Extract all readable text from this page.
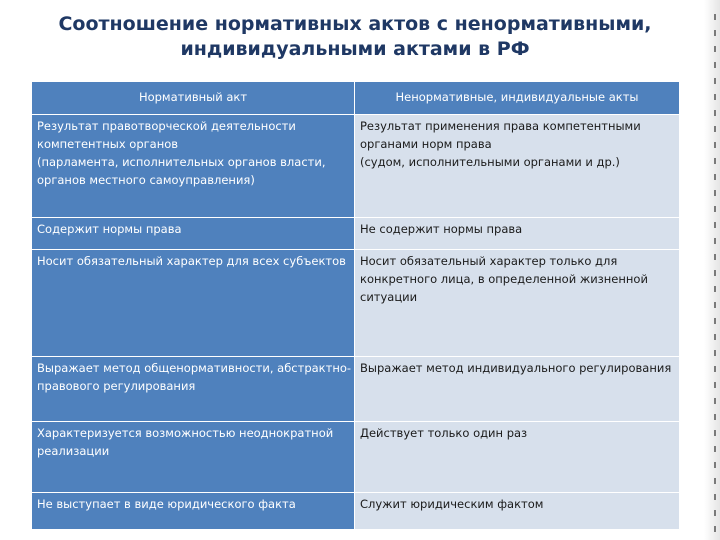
Соотношение нормативных актов с ненормативными,
индивидуальными актами в РФ
Нормативный акт	Ненормативные, индивидуальные акты

Результат правотворческой деятельности
компетентных органов
(парламента, исполнительных органов власти,
органов местного самоуправления)	Результат применения права компетентными
органами норм права
(судом, исполнительными органами и др.)

Содержит нормы права	Не содержит нормы права

Носит обязательный характер для всех субъектов	Носит обязательный характер только для
конкретного лица, в определенной жизненной
ситуации

Выражает метод общенормативности, абстрактно-
правового регулирования	Выражает метод индивидуального регулирования

Характеризуется возможностью неоднократной
реализации	Действует только один раз

Не выступает в виде юридического факта	Служит юридическим фактом
